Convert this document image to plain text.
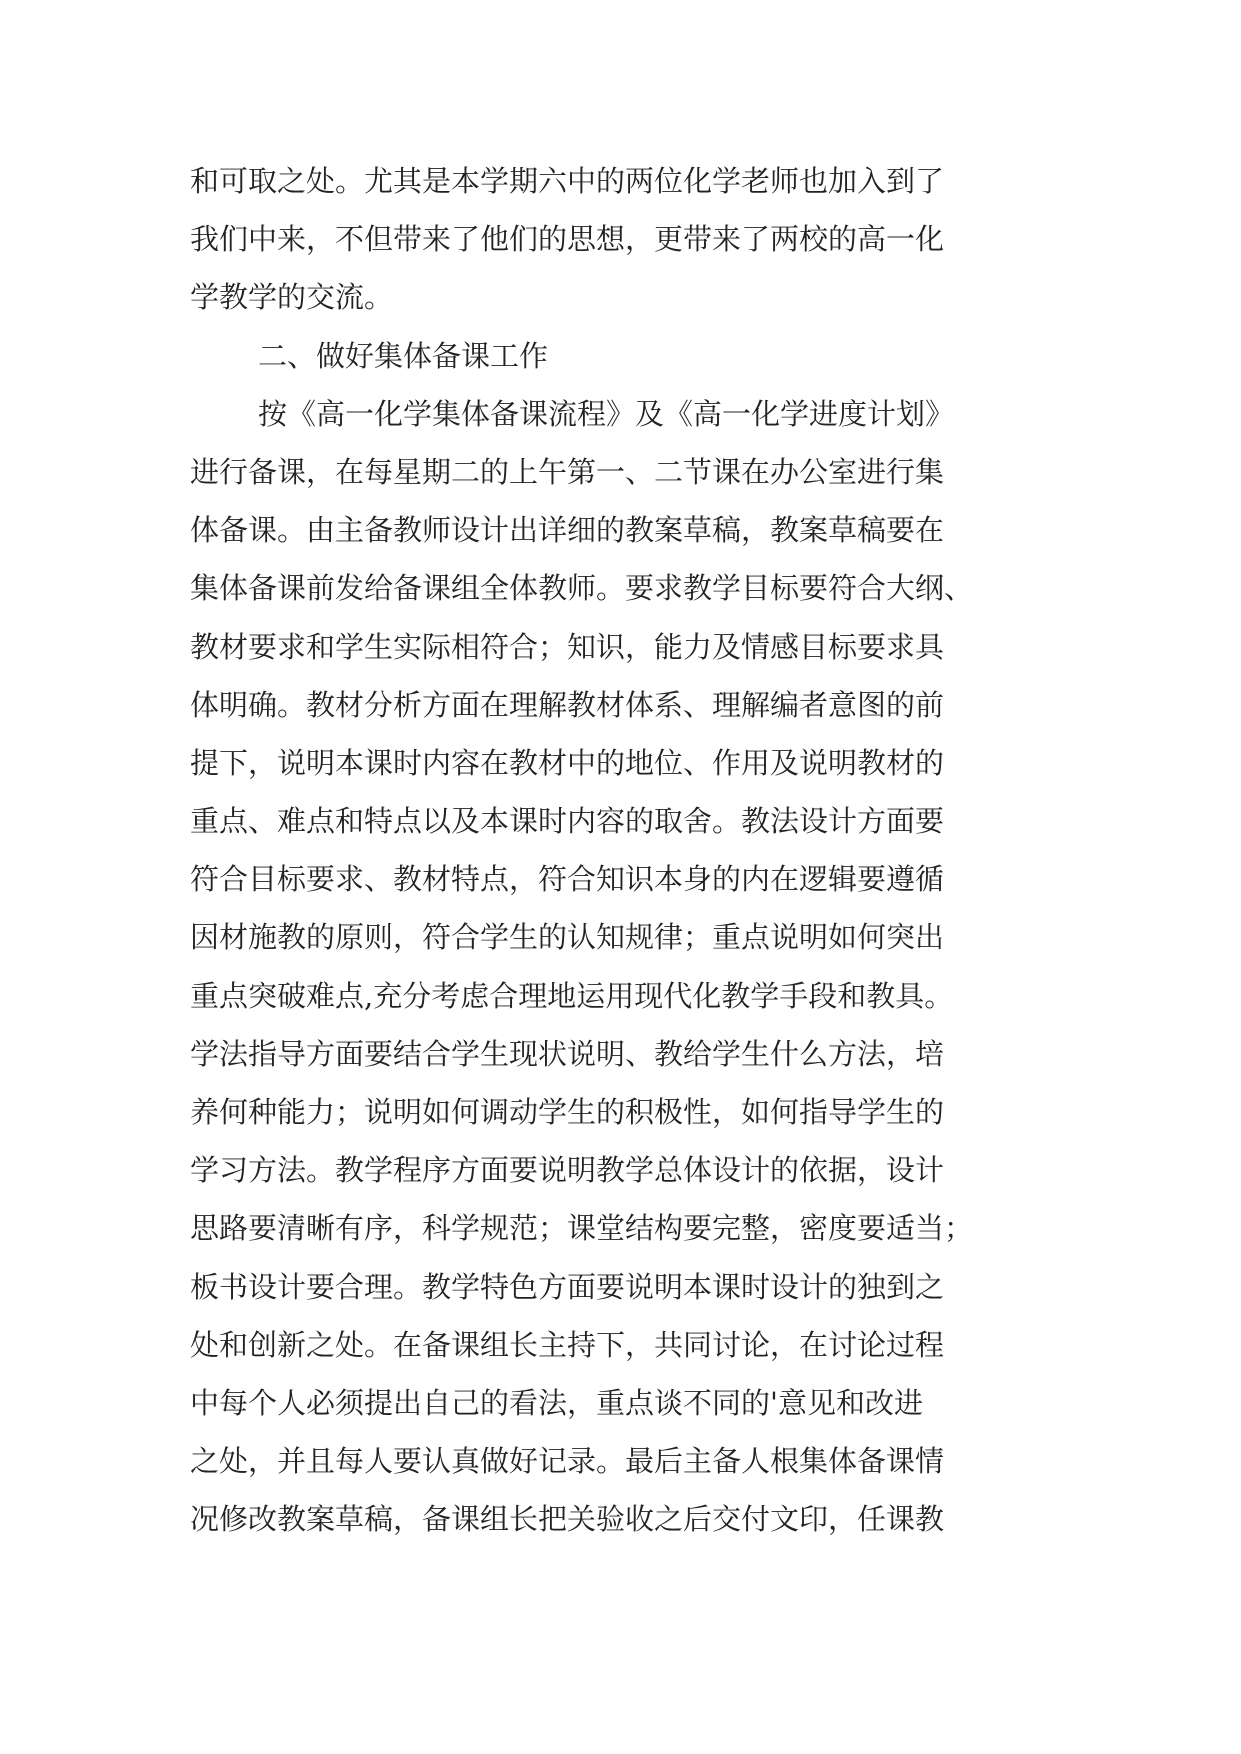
和可取之处。尤其是本学期六中的两位化学老师也加入到了
我们中来，不但带来了他们的思想，更带来了两校的高一化
学教学的交流。
二、做好集体备课工作
按《高一化学集体备课流程》及《高一化学进度计划》
进行备课，在每星期二的上午第一、二节课在办公室进行集
体备课。由主备教师设计出详细的教案草稿，教案草稿要在
集体备课前发给备课组全体教师。要求教学目标要符合大纲、
教材要求和学生实际相符合；知识，能力及情感目标要求具
体明确。教材分析方面在理解教材体系、理解编者意图的前
提下，说明本课时内容在教材中的地位、作用及说明教材的
重点、难点和特点以及本课时内容的取舍。教法设计方面要
符合目标要求、教材特点，符合知识本身的内在逻辑要遵循
因材施教的原则，符合学生的认知规律；重点说明如何突出
重点突破难点,充分考虑合理地运用现代化教学手段和教具。
学法指导方面要结合学生现状说明、教给学生什么方法，培
养何种能力；说明如何调动学生的积极性，如何指导学生的
学习方法。教学程序方面要说明教学总体设计的依据，设计
思路要清晰有序，科学规范；课堂结构要完整，密度要适当；
板书设计要合理。教学特色方面要说明本课时设计的独到之
处和创新之处。在备课组长主持下，共同讨论，在讨论过程
中每个人必须提出自己的看法，重点谈不同的'意见和改进
之处，并且每人要认真做好记录。最后主备人根集体备课情
况修改教案草稿，备课组长把关验收之后交付文印，任课教
